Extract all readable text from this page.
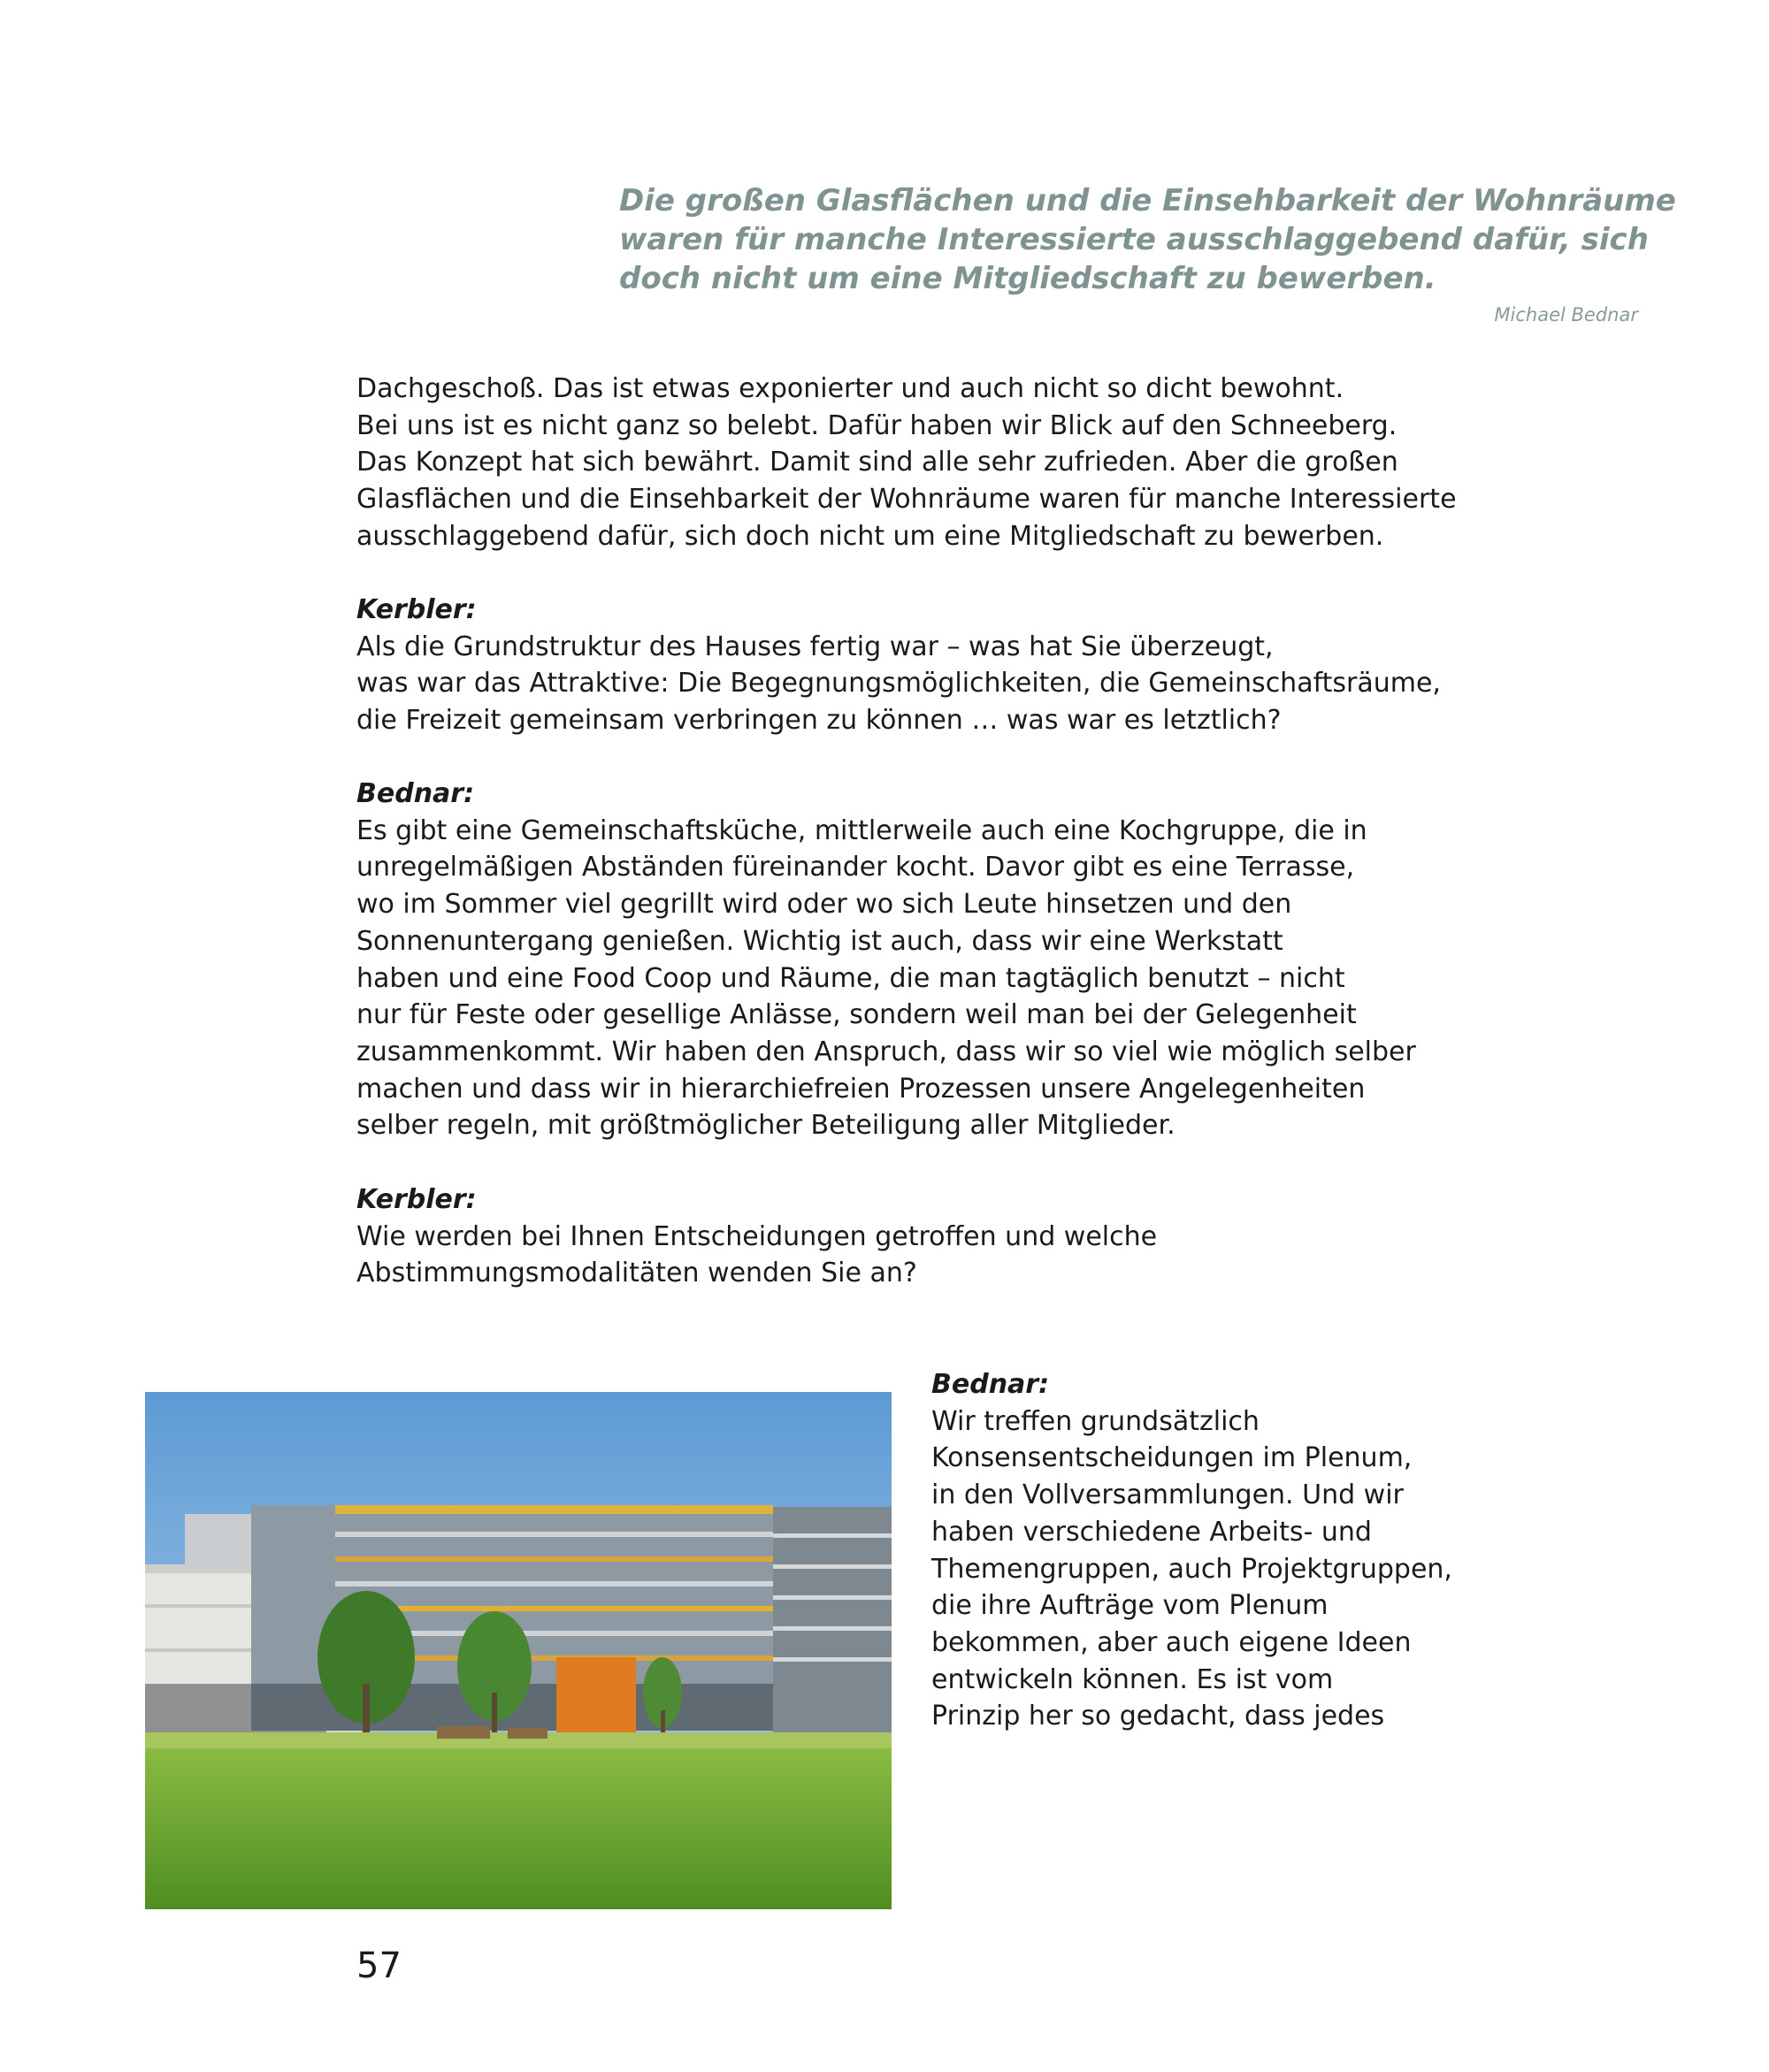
Die großen Glasflächen und die Einsehbarkeit der Wohnräume
waren für manche Interessierte ausschlaggebend dafür, sich
doch nicht um eine Mitgliedschaft zu bewerben.
Michael Bednar
Dachgeschoß. Das ist etwas exponierter und auch nicht so dicht bewohnt.
Bei uns ist es nicht ganz so belebt. Dafür haben wir Blick auf den Schneeberg.
Das Konzept hat sich bewährt. Damit sind alle sehr zufrieden. Aber die großen
Glasflächen und die Einsehbarkeit der Wohnräume waren für manche Interessierte
ausschlaggebend dafür, sich doch nicht um eine Mitgliedschaft zu bewerben.
Kerbler:
Als die Grundstruktur des Hauses fertig war – was hat Sie überzeugt,
was war das Attraktive: Die Begegnungsmöglichkeiten, die Gemeinschaftsräume,
die Freizeit gemeinsam verbringen zu können … was war es letztlich?
Bednar:
Es gibt eine Gemeinschaftsküche, mittlerweile auch eine Kochgruppe, die in
unregelmäßigen Abständen füreinander kocht. Davor gibt es eine Terrasse,
wo im Sommer viel gegrillt wird oder wo sich Leute hinsetzen und den
Sonnenuntergang genießen. Wichtig ist auch, dass wir eine Werkstatt
haben und eine Food Coop und Räume, die man tagtäglich benutzt – nicht
nur für Feste oder gesellige Anlässe, sondern weil man bei der Gelegenheit
zusammenkommt. Wir haben den Anspruch, dass wir so viel wie möglich selber
machen und dass wir in hierarchiefreien Prozessen unsere Angelegenheiten
selber regeln, mit größtmöglicher Beteiligung aller Mitglieder.
Kerbler:
Wie werden bei Ihnen Entscheidungen getroffen und welche
Abstimmungsmodalitäten wenden Sie an?
Bednar:
Wir treffen grundsätzlich
Konsensentscheidungen im Plenum,
in den Vollversammlungen. Und wir
haben verschiedene Arbeits- und
Themengruppen, auch Projektgruppen,
die ihre Aufträge vom Plenum
bekommen, aber auch eigene Ideen
entwickeln können. Es ist vom
Prinzip her so gedacht, dass jedes
57
